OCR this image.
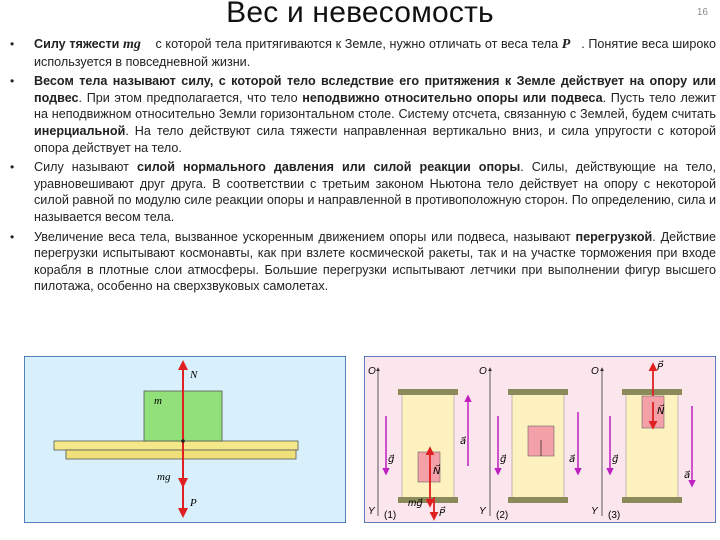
Вес и невесомость	16
• Силу тяжести mg⃗ с которой тела притягиваются к Земле, нужно отличать от веса тела P⃗. Понятие веса широко используется в повседневной жизни.
• Весом тела называют силу, с которой тело вследствие его притяжения к Земле действует на опору или подвес. При этом предполагается, что тело неподвижно относительно опоры или подвеса. Пусть тело лежит на неподвижном относительно Земли горизонтальном столе. Систему отсчета, связанную с Землей, будем считать инерциальной. На тело действуют сила тяжести направленная вертикально вниз, и сила упругости с которой опора действует на тело.
• Силу называют силой нормального давления или силой реакции опоры. Силы, действующие на тело, уравновешивают друг друга. В соответствии с третьим законом Ньютона тело действует на опору с некоторой силой равной по модулю силе реакции опоры и направленной в противоположную сторон. По определению, сила и называется весом тела.
• Увеличение веса тела, вызванное ускоренным движением опоры или подвеса, называют перегрузкой. Действие перегрузки испытывают космонавты, как при взлете космической ракеты, так и на участке торможения при входе корабля в плотные слои атмосферы. Большие перегрузки испытывают летчики при выполнении фигур высшего пилотажа, особенно на сверхзвуковых самолетах.
m
N⃗
mg⃗
P⃗
O
Y
g⃗
a⃗
N⃗
mg⃗
P⃗
(1)
O
Y
g⃗	a⃗
(2)
O
Y
g⃗
a⃗
P⃗
N⃗
(3)
